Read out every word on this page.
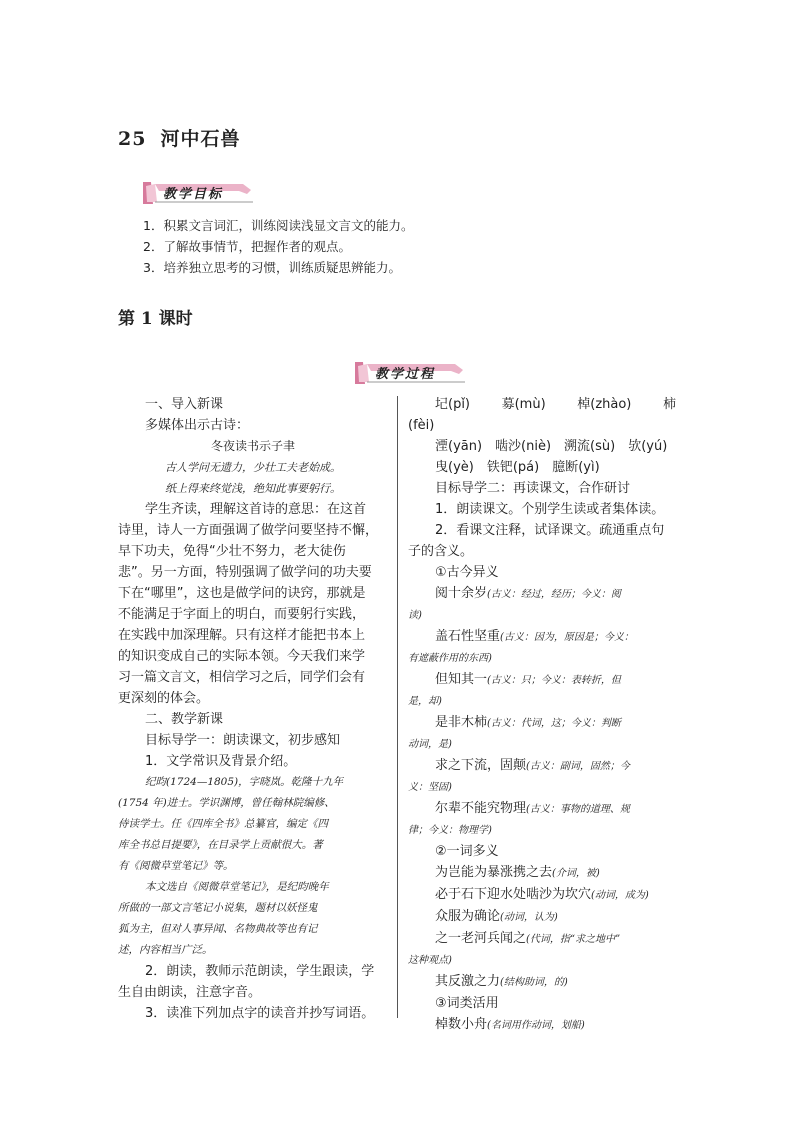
25 河中石兽
教学目标
1．积累文言词汇，训练阅读浅显文言文的能力。
2．了解故事情节，把握作者的观点。
3．培养独立思考的习惯，训练质疑思辨能力。
第 1 课时
教学过程

一、导入新课

多媒体出示古诗：

冬夜读书示子聿

古人学问无遗力，少壮工夫老始成。

纸上得来终觉浅，绝知此事要躬行。

学生齐读，理解这首诗的意思：在这首

诗里，诗人一方面强调了做学问要坚持不懈，

早下功夫，免得“少壮不努力，老大徒伤

悲”。另一方面，特别强调了做学问的功夫要

下在“哪里”，这也是做学问的诀窍，那就是

不能满足于字面上的明白，而要躬行实践，

在实践中加深理解。只有这样才能把书本上

的知识变成自己的实际本领。今天我们来学

习一篇文言文，相信学习之后，同学们会有

更深刻的体会。

二、教学新课

目标导学一：朗读课文，初步感知

1．文学常识及背景介绍。

纪昀(1724—1805)，字晓岚。乾隆十九年

(1754 年)进士。学识渊博，曾任翰林院编修、

侍读学士。任《四库全书》总纂官，编定《四

库全书总目提要》，在目录学上贡献很大。著

有《阅微草堂笔记》等。

本文选自《阅微草堂笔记》，是纪昀晚年

所做的一部文言笔记小说集，题材以妖怪鬼

狐为主，但对人事异闻、名物典故等也有记

述，内容相当广泛。

2．朗读，教师示范朗读，学生跟读，学

生自由朗读，注意字音。

3．读准下列加点字的读音并抄写词语。

圮(pǐ) 募(mù) 棹(zhào) 柿

(fèi)

湮(yān)　啮沙(niè)　溯流(sù)　欤(yú)

曳(yè)　铁钯(pá)　臆断(yì)

目标导学二：再读课文，合作研讨

1．朗读课文。个别学生读或者集体读。

2．看课文注释，试译课文。疏通重点句

子的含义。

①古今异义

阅十余岁(古义：经过，经历；今义：阅

读)

盖石性坚重(古义：因为，原因是；今义：

有遮蔽作用的东西)

但知其一(古义：只；今义：表转折，但

是，却)

是非木柿(古义：代词，这；今义：判断

动词，是)

求之下流，固颠(古义：副词，固然；今

义：坚固)

尔辈不能究物理(古义：事物的道理、规

律；今义：物理学)

②一词多义

为岂能为暴涨携之去(介词，被)

必于石下迎水处啮沙为坎穴(动词，成为)

众服为确论(动词，认为)

之一老河兵闻之(代词，指“求之地中”

这种观点)

其反激之力(结构助词，的)

③词类活用

棹数小舟(名词用作动词，划船)
